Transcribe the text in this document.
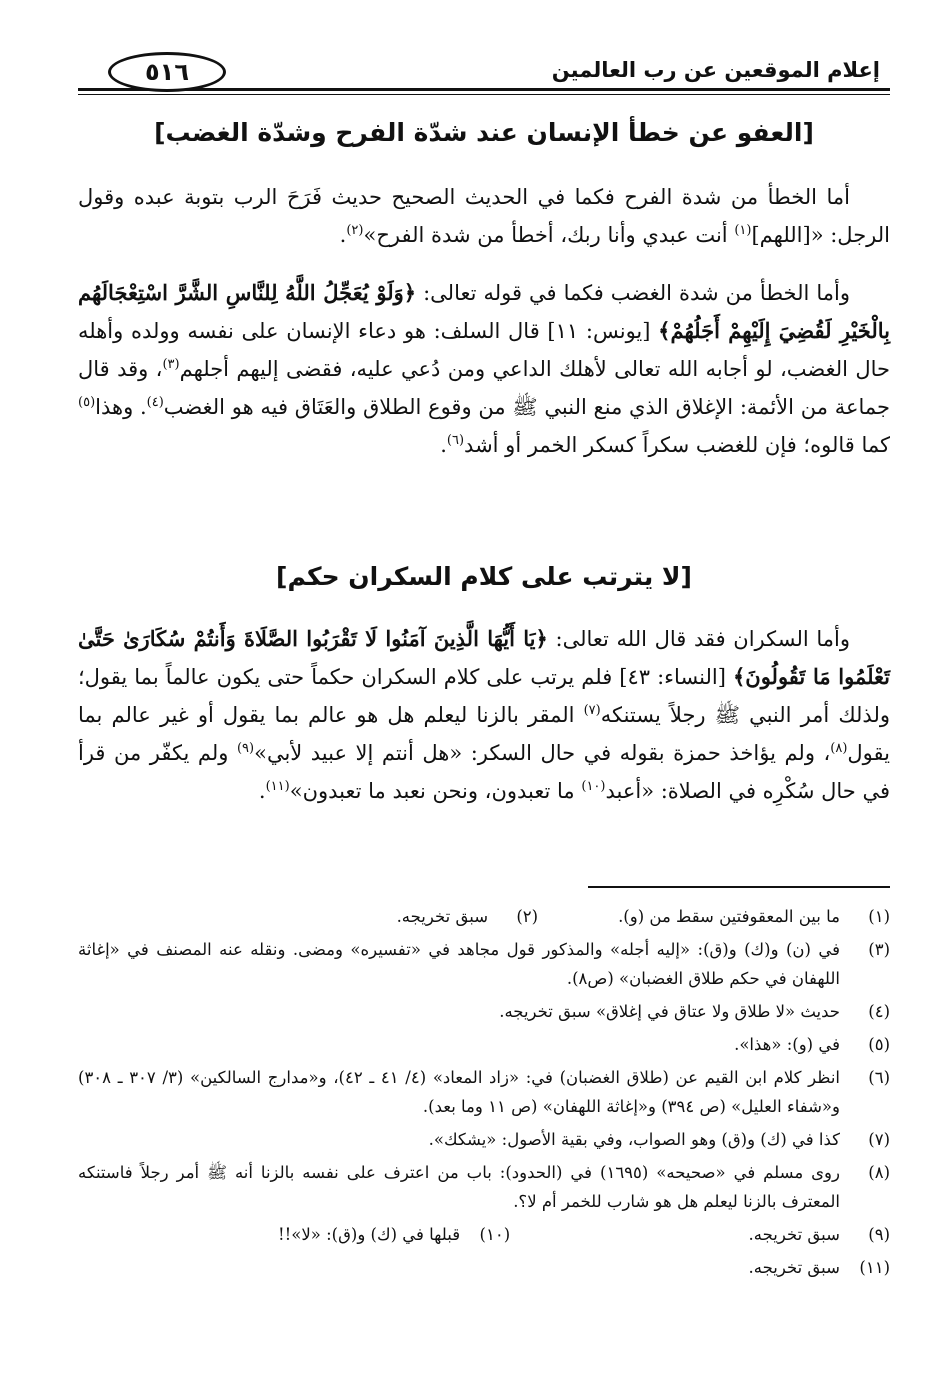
إعلام الموقعين عن رب العالمين
٥١٦
[العفو عن خطأ الإنسان عند شدّة الفرح وشدّة الغضب]

أما الخطأ من شدة الفرح فكما في الحديث الصحيح حديث فَرَحَ الرب بتوبة عبده وقول الرجل: «[اللهم]$^{(١)}$ أنت عبدي وأنا ربك، أخطأ من شدة الفرح»$^{(٢)}$.

وأما الخطأ من شدة الغضب فكما في قوله تعالى: ﴿وَلَوْ يُعَجِّلُ اللَّهُ لِلنَّاسِ الشَّرَّ اسْتِعْجَالَهُم بِالْخَيْرِ لَقُضِيَ إِلَيْهِمْ أَجَلُهُمْ﴾ [يونس: ١١] قال السلف: هو دعاء الإنسان على نفسه وولده وأهله حال الغضب، لو أجابه الله تعالى لأهلك الداعي ومن دُعي عليه، فقضى إليهم أجلهم$^{(٣)}$، وقد قال جماعة من الأئمة: الإغلاق الذي منع النبي ﷺ من وقوع الطلاق والعَتَاق فيه هو الغضب$^{(٤)}$. وهذا$^{(٥)}$ كما قالوه؛ فإن للغضب سكراً كسكر الخمر أو أشد$^{(٦)}$.

[لا يترتب على كلام السكران حكم]

وأما السكران فقد قال الله تعالى: ﴿يَا أَيُّهَا الَّذِينَ آمَنُوا لَا تَقْرَبُوا الصَّلَاةَ وَأَنتُمْ سُكَارَىٰ حَتَّىٰ تَعْلَمُوا مَا تَقُولُونَ﴾ [النساء: ٤٣] فلم يرتب على كلام السكران حكماً حتى يكون عالماً بما يقول؛ ولذلك أمر النبي ﷺ رجلاً يستنكه$^{(٧)}$ المقر بالزنا ليعلم هل هو عالم بما يقول أو غير عالم بما يقول$^{(٨)}$، ولم يؤاخذ حمزة بقوله في حال السكر: «هل أنتم إلا عبيد لأبي»$^{(٩)}$ ولم يكفّر من قرأ في حال سُكْرِه في الصلاة: «أعبد$^{(١٠)}$ ما تعبدون، ونحن نعبد ما تعبدون»$^{(١١)}$.

(١)
ما بين المعقوفتين سقط من (و).
(٢)
سبق تخريجه.
(٣)
في (ن) و(ك) و(ق): «إليه أجله» والمذكور قول مجاهد في «تفسيره» ومضى. ونقله عنه المصنف في «إغاثة اللهفان في حكم طلاق الغضبان» (ص٨).
(٤)
حديث «لا طلاق ولا عتاق في إغلاق» سبق تخريجه.
(٥)
في (و): «هذا».
(٦)
انظر كلام ابن القيم عن (طلاق الغضبان) في: «زاد المعاد» (٤/ ٤١ ـ ٤٢)، و«مدارج السالكين» (٣/ ٣٠٧ ـ ٣٠٨) و«شفاء العليل» (ص ٣٩٤) و«إغاثة اللهفان» (ص ١١ وما بعد).
(٧)
كذا في (ك) و(ق) وهو الصواب، وفي بقية الأصول: «يشكك».
(٨)
روى مسلم في «صحيحه» (١٦٩٥) في (الحدود): باب من اعترف على نفسه بالزنا أنه ﷺ أمر رجلاً فاستنكه المعترف بالزنا ليعلم هل هو شارب للخمر أم لا؟.
(٩)
سبق تخريجه.
(١٠)
قبلها في (ك) و(ق): «لا»!!
(١١)
سبق تخريجه.
